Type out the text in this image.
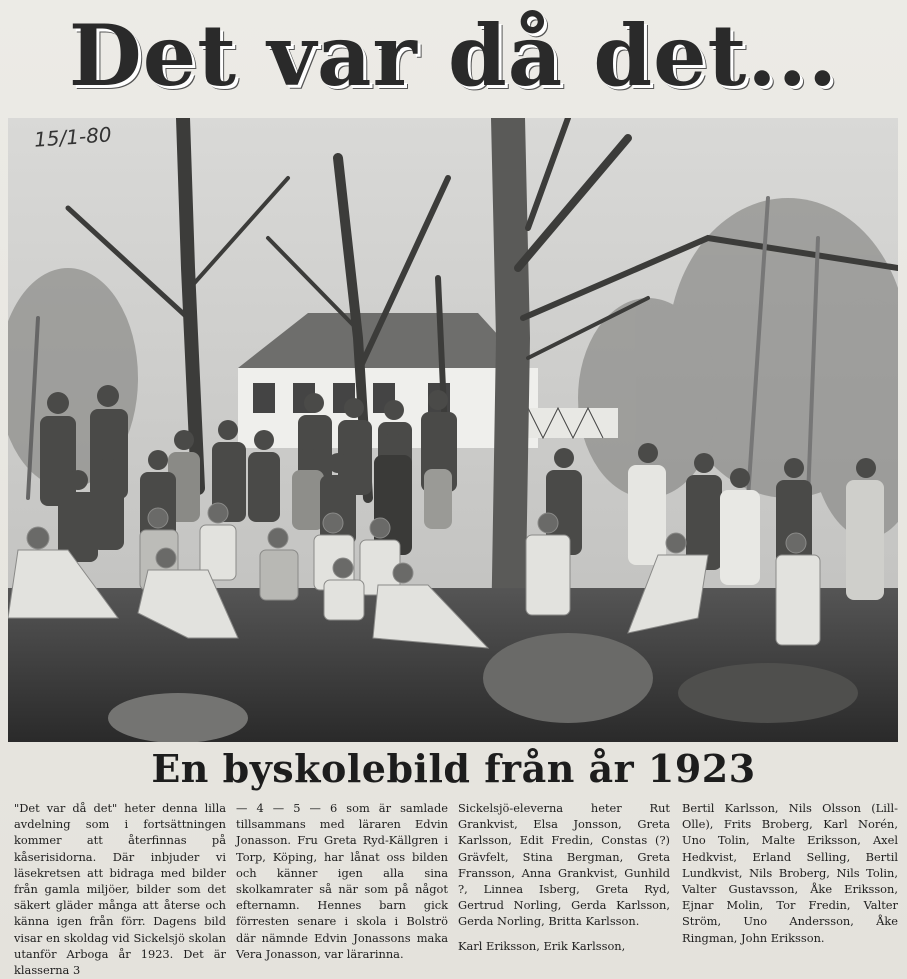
Det var då det...
15/1-80
En byskolebild från år 1923
"Det var då det" heter denna lilla avdelning som i fortsättningen kommer att återfinnas på kåserisidorna. Där inbjuder vi läsekretsen att bidraga med bilder från gamla miljöer, bilder som det säkert gläder många att återse och känna igen från förr. Dagens bild visar en skoldag vid Sickelsjö skolan utanför Arboga år 1923. Det är klasserna 3
— 4 — 5 — 6 som är samlade tillsammans med läraren Edvin Jonasson. Fru Greta Ryd-Källgren i Torp, Köping, har lånat oss bilden och känner igen alla sina skolkamrater så när som på något efternamn. Hennes barn gick förresten senare i skola i Bolströ där nämnde Edvin Jonassons maka Vera Jonasson, var lärarinna.
Sickelsjö-eleverna heter Rut Grankvist, Elsa Jonsson, Greta Karlsson, Edit Fredin, Constas (?) Grävfelt, Stina Bergman, Greta Fransson, Anna Grankvist, Gunhild ?, Linnea Isberg, Greta Ryd, Gertrud Norling, Gerda Karlsson, Gerda Norling, Britta Karlsson.
Karl Eriksson, Erik Karlsson,
Bertil Karlsson, Nils Olsson (Lill-Olle), Frits Broberg, Karl Norén, Uno Tolin, Malte Eriksson, Axel Hedkvist, Erland Selling, Bertil Lundkvist, Nils Broberg, Nils Tolin, Valter Gustavsson, Åke Eriksson, Ejnar Molin, Tor Fredin, Valter Ström, Uno Andersson, Åke Ringman, John Eriksson.
